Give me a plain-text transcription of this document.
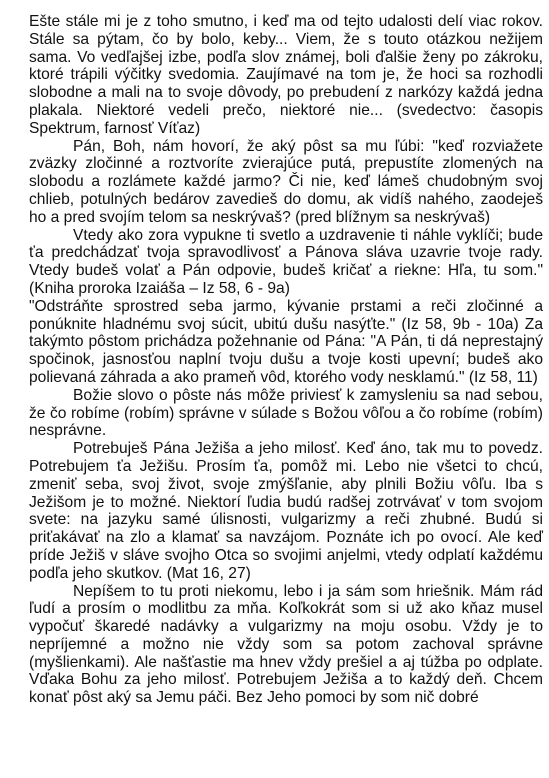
Ešte stále mi je z toho smutno, i keď ma od tejto udalosti delí viac rokov. Stále sa pýtam, čo by bolo, keby... Viem, že s touto otázkou nežijem sama. Vo vedľajšej izbe, podľa slov známej, boli ďalšie ženy po zákroku, ktoré trápili výčitky svedomia. Zaujímavé na tom je, že hoci sa rozhodli slobodne a mali na to svoje dôvody, po prebudení z narkózy každá jedna plakala. Niektoré vedeli prečo, niektoré nie... (svedectvo: časopis Spektrum, farnosť Víťaz)

Pán, Boh, nám hovorí, že aký pôst sa mu ľúbi: "keď rozviažete zväzky zločinné a roztvoríte zvierajúce putá, prepustíte zlomených na slobodu a rozlámete každé jarmo? Či nie, keď lámeš chudobným svoj chlieb, potulných bedárov zavedieš do domu, ak vidíš nahého, zaodeješ ho a pred svojím telom sa neskrývaš? (pred blížnym sa neskrývaš)

Vtedy ako zora vypukne ti svetlo a uzdravenie ti náhle vyklíči; bude ťa predchádzať tvoja spravodlivosť a Pánova sláva uzavrie tvoje rady. Vtedy budeš volať a Pán odpovie, budeš kričať a riekne: Hľa, tu som." (Kniha proroka Izaiáša – Iz 58, 6 - 9a)

"Odstráňte sprostred seba jarmo, kývanie prstami a reči zločinné a ponúknite hladnému svoj súcit, ubitú dušu nasýťte." (Iz 58, 9b - 10a) Za takýmto pôstom prichádza požehnanie od Pána: "A Pán, ti dá neprestajný spočinok, jasnosťou naplní tvoju dušu a tvoje kosti upevní; budeš ako polievaná záhrada a ako prameň vôd, ktorého vody nesklamú." (Iz 58, 11)

Božie slovo o pôste nás môže priviesť k zamysleniu sa nad sebou, že čo robíme (robím) správne v súlade s Božou vôľou a čo robíme (robím) nesprávne.

Potrebuješ Pána Ježiša a jeho milosť. Keď áno, tak mu to povedz. Potrebujem ťa Ježišu. Prosím ťa, pomôž mi. Lebo nie všetci to chcú, zmeniť seba, svoj život, svoje zmýšľanie, aby plnili Božiu vôľu. Iba s Ježišom je to možné. Niektorí ľudia budú radšej zotrvávať v tom svojom svete: na jazyku samé úlisnosti, vulgarizmy a reči zhubné. Budú si priťakávať na zlo a klamať sa navzájom. Poznáte ich po ovocí. Ale keď príde Ježiš v sláve svojho Otca so svojimi anjelmi, vtedy odplatí každému podľa jeho skutkov. (Mat 16, 27)

Nepíšem to tu proti niekomu, lebo i ja sám som hriešnik. Mám rád ľudí a prosím o modlitbu za mňa. Koľkokrát som si už ako kňaz musel vypočuť škaredé nadávky a vulgarizmy na moju osobu. Vždy je to nepríjemné a možno nie vždy som sa potom zachoval správne (myšlienkami). Ale našťastie ma hnev vždy prešiel a aj túžba po odplate. Vďaka Bohu za jeho milosť. Potrebujem Ježiša a to každý deň. Chcem konať pôst aký sa Jemu páči. Bez Jeho pomoci by som nič dobré
